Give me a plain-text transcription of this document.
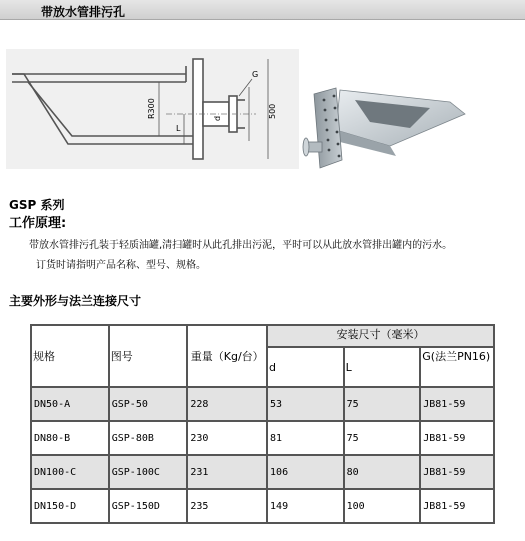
带放水管排污孔
R300	500
G
d
L
GSP 系列
工作原理:
带放水管排污孔装于轻质油罐,清扫罐时从此孔排出污泥，平时可以从此放水管排出罐内的污水。
订货时请指明产品名称、型号、规格。
主要外形与法兰连接尺寸
规格	图号	重量（Kg/台）	安装尺寸（毫米）		
			d	L	G(法兰PN16)
DN50-A	GSP-50	228	53	75	JB81-59
DN80-B	GSP-80B	230	81	75	JB81-59
DN100-C	GSP-100C	231	106	80	JB81-59
DN150-D	GSP-150D	235	149	100	JB81-59
